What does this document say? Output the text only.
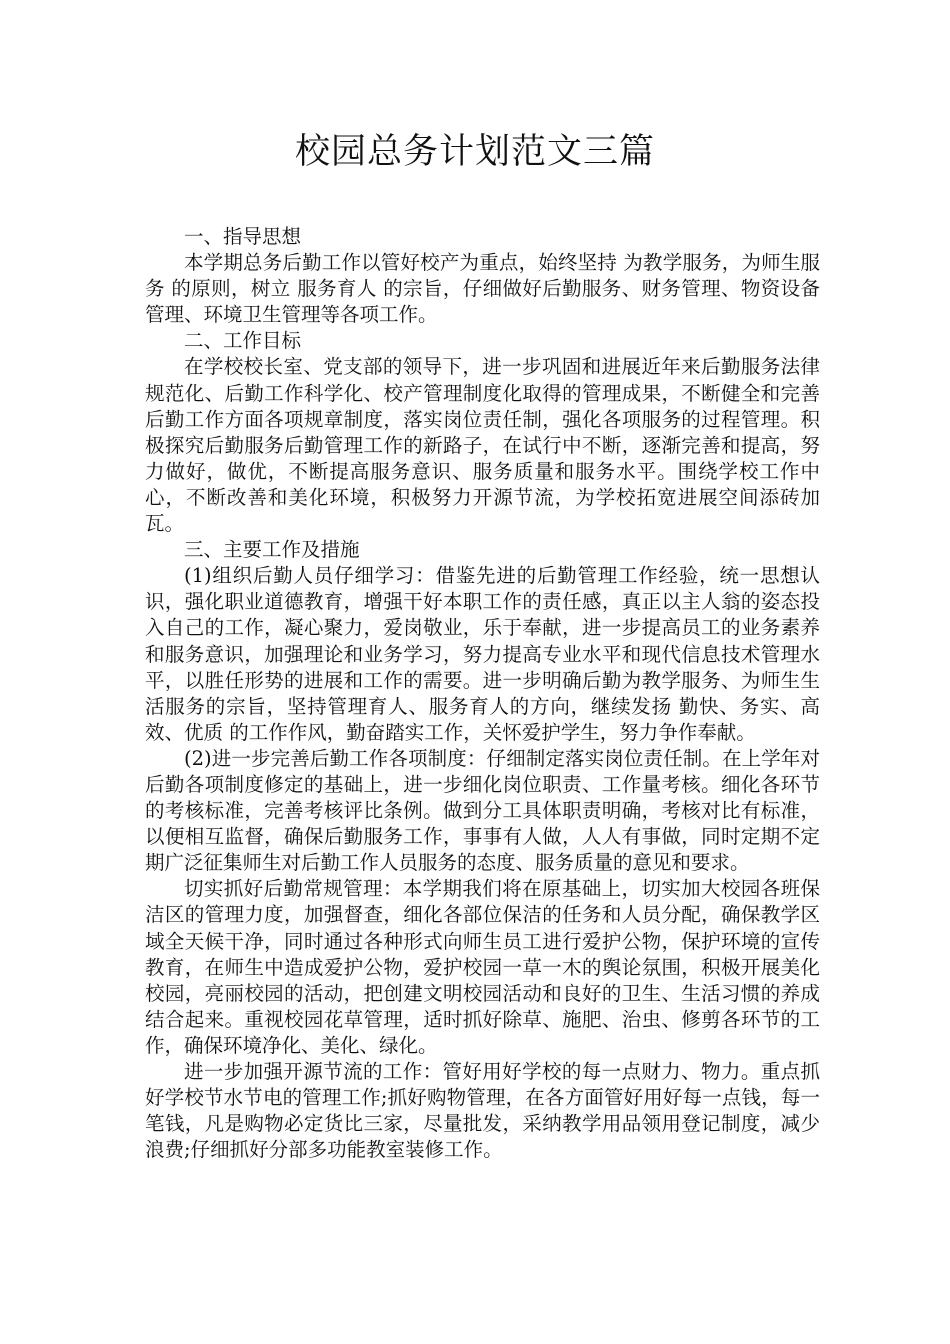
校园总务计划范文三篇

一、指导思想

本学期总务后勤工作以管好校产为重点，始终坚持 为教学服务，为师生服务 的原则，树立 服务育人 的宗旨，仔细做好后勤服务、财务管理、物资设备管理、环境卫生管理等各项工作。

二、工作目标

在学校校长室、党支部的领导下，进一步巩固和进展近年来后勤服务法律规范化、后勤工作科学化、校产管理制度化取得的管理成果，不断健全和完善后勤工作方面各项规章制度，落实岗位责任制，强化各项服务的过程管理。积极探究后勤服务后勤管理工作的新路子，在试行中不断，逐渐完善和提高，努力做好，做优，不断提高服务意识、服务质量和服务水平。围绕学校工作中心，不断改善和美化环境，积极努力开源节流，为学校拓宽进展空间添砖加瓦。

三、主要工作及措施

(1)组织后勤人员仔细学习：借鉴先进的后勤管理工作经验，统一思想认识，强化职业道德教育，增强干好本职工作的责任感，真正以主人翁的姿态投入自己的工作，凝心聚力，爱岗敬业，乐于奉献，进一步提高员工的业务素养和服务意识，加强理论和业务学习，努力提高专业水平和现代信息技术管理水平，以胜任形势的进展和工作的需要。进一步明确后勤为教学服务、为师生生活服务的宗旨，坚持管理育人、服务育人的方向，继续发扬 勤快、务实、高效、优质 的工作作风，勤奋踏实工作，关怀爱护学生，努力争作奉献。

(2)进一步完善后勤工作各项制度：仔细制定落实岗位责任制。在上学年对后勤各项制度修定的基础上，进一步细化岗位职责、工作量考核。细化各环节的考核标准，完善考核评比条例。做到分工具体职责明确，考核对比有标准，以便相互监督，确保后勤服务工作，事事有人做，人人有事做，同时定期不定期广泛征集师生对后勤工作人员服务的态度、服务质量的意见和要求。

切实抓好后勤常规管理：本学期我们将在原基础上，切实加大校园各班保洁区的管理力度，加强督查，细化各部位保洁的任务和人员分配，确保教学区域全天候干净，同时通过各种形式向师生员工进行爱护公物，保护环境的宣传教育，在师生中造成爱护公物，爱护校园一草一木的舆论氛围，积极开展美化校园，亮丽校园的活动，把创建文明校园活动和良好的卫生、生活习惯的养成结合起来。重视校园花草管理，适时抓好除草、施肥、治虫、修剪各环节的工作，确保环境净化、美化、绿化。

进一步加强开源节流的工作：管好用好学校的每一点财力、物力。重点抓好学校节水节电的管理工作;抓好购物管理，在各方面管好用好每一点钱，每一笔钱，凡是购物必定货比三家，尽量批发，采纳教学用品领用登记制度，减少浪费;仔细抓好分部多功能教室装修工作。
